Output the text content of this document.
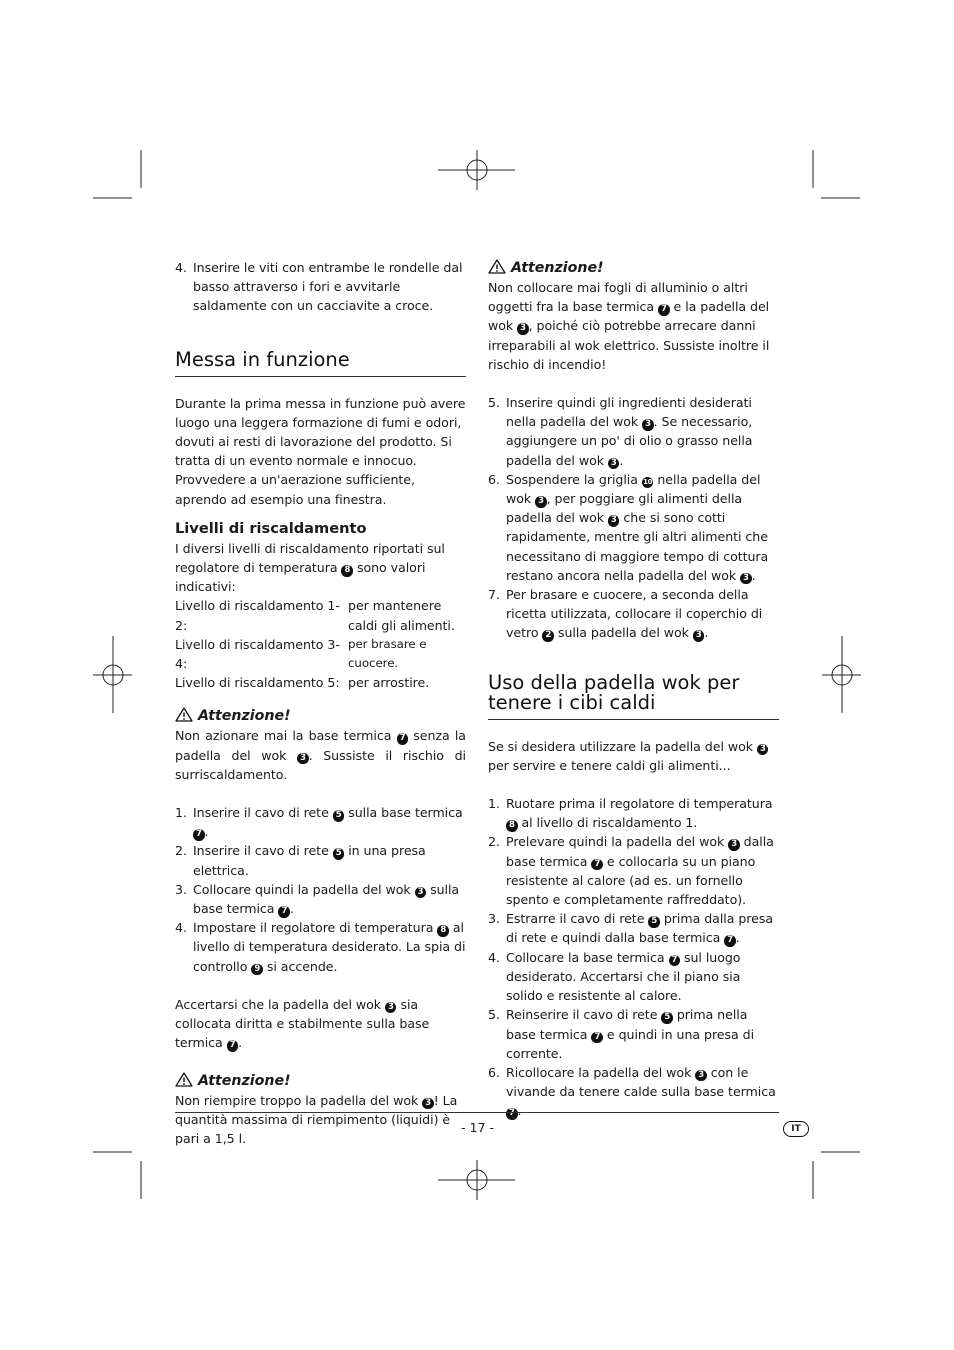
4. Inserire le viti con entrambe le rondelle dal basso attraverso i fori e avvitarle saldamente con un cacciavite a croce.
Messa in funzione

Durante la prima messa in funzione può avere luogo una leggera formazione di fumi e odori, dovuti ai resti di lavorazione del prodotto. Si tratta di un evento normale e innocuo. Provvedere a un'aerazione sufficiente, aprendo ad esempio una finestra.

Livelli di riscaldamento

I diversi livelli di riscaldamento riportati sul regolatore di temperatura 8 sono valori indicativi:

Livello di riscaldamento 1-2:
per mantenere caldi gli alimenti.
Livello di riscaldamento 3-4:
per brasare e cuocere.
Livello di riscaldamento 5: per arrostire.

Attenzione!

Non azionare mai la base termica 7 senza la padella del wok 3 . Sussiste il rischio di surriscaldamento.

1. Inserire il cavo di rete 5 sulla base termica 7 .
2. Inserire il cavo di rete 5 in una presa elettrica.
3. Collocare quindi la padella del wok 3 sulla base termica 7 .
4. Impostare il regolatore di temperatura 8 al livello di temperatura desiderato. La spia di controllo 9 si accende.

Accertarsi che la padella del wok 3 sia collocata diritta e stabilmente sulla base termica 7 .

Attenzione!

Non riempire troppo la padella del wok 3 ! La quantità massima di riempimento (liquidi) è pari a 1,5 l.

Attenzione!

Non collocare mai fogli di alluminio o altri oggetti fra la base termica 7 e la padella del wok 3 , poiché ciò potrebbe arrecare danni irreparabili al wok elettrico. Sussiste inoltre il rischio di incendio!

5. Inserire quindi gli ingredienti desiderati nella padella del wok 3 . Se necessario, aggiungere un po' di olio o grasso nella padella del wok 3 .
6. Sospendere la griglia 10 nella padella del wok 3 , per poggiare gli alimenti della padella del wok 3 che si sono cotti rapidamente, mentre gli altri alimenti che necessitano di maggiore tempo di cottura restano ancora nella padella del wok 3 .
7. Per brasare e cuocere, a seconda della ricetta utilizzata, collocare il coperchio di vetro 2 sulla padella del wok 3 .
Uso della padella wok per tenere i cibi caldi

Se si desidera utilizzare la padella del wok 3 per servire e tenere caldi gli alimenti...

1. Ruotare prima il regolatore di temperatura 8 al livello di riscaldamento 1.
2. Prelevare quindi la padella del wok 3 dalla base termica 7 e collocarla su un piano resistente al calore (ad es. un fornello spento e completamente raffreddato).
3. Estrarre il cavo di rete 5 prima dalla presa di rete e quindi dalla base termica 7 .
4. Collocare la base termica 7 sul luogo desiderato. Accertarsi che il piano sia solido e resistente al calore.
5. Reinserire il cavo di rete 5 prima nella base termica 7 e quindi in una presa di corrente.
6. Ricollocare la padella del wok 3 con le vivande da tenere calde sulla base termica 7 .
- 17 -	IT
